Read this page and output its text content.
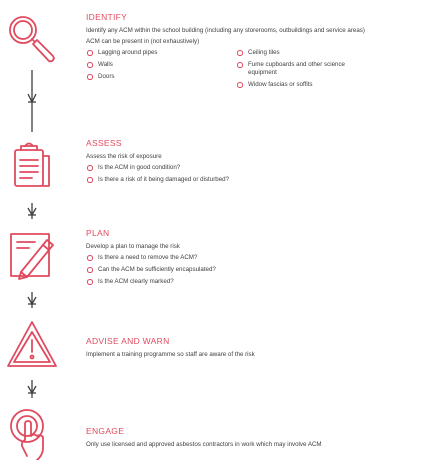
IDENTIFY

Identify any ACM within the school building (including any storerooms, outbuildings and service areas)

ACM can be present in (not exhaustively)

Lagging around pipes
Walls
Doors
Ceiling tiles
Fume cupboards and other science equipment
Widow fascias or soffits
ASSESS

Assess the risk of exposure

Is the ACM in good condition?
Is there a risk of it being damaged or disturbed?
PLAN

Develop a plan to manage the risk

Is there a need to remove the ACM?
Can the ACM be sufficiently encapsulated?
Is the ACM clearly marked?
ADVISE AND WARN

Implement a training programme so staff are aware of the risk

ENGAGE

Only use licensed and approved asbestos contractors in work which may involve ACM
